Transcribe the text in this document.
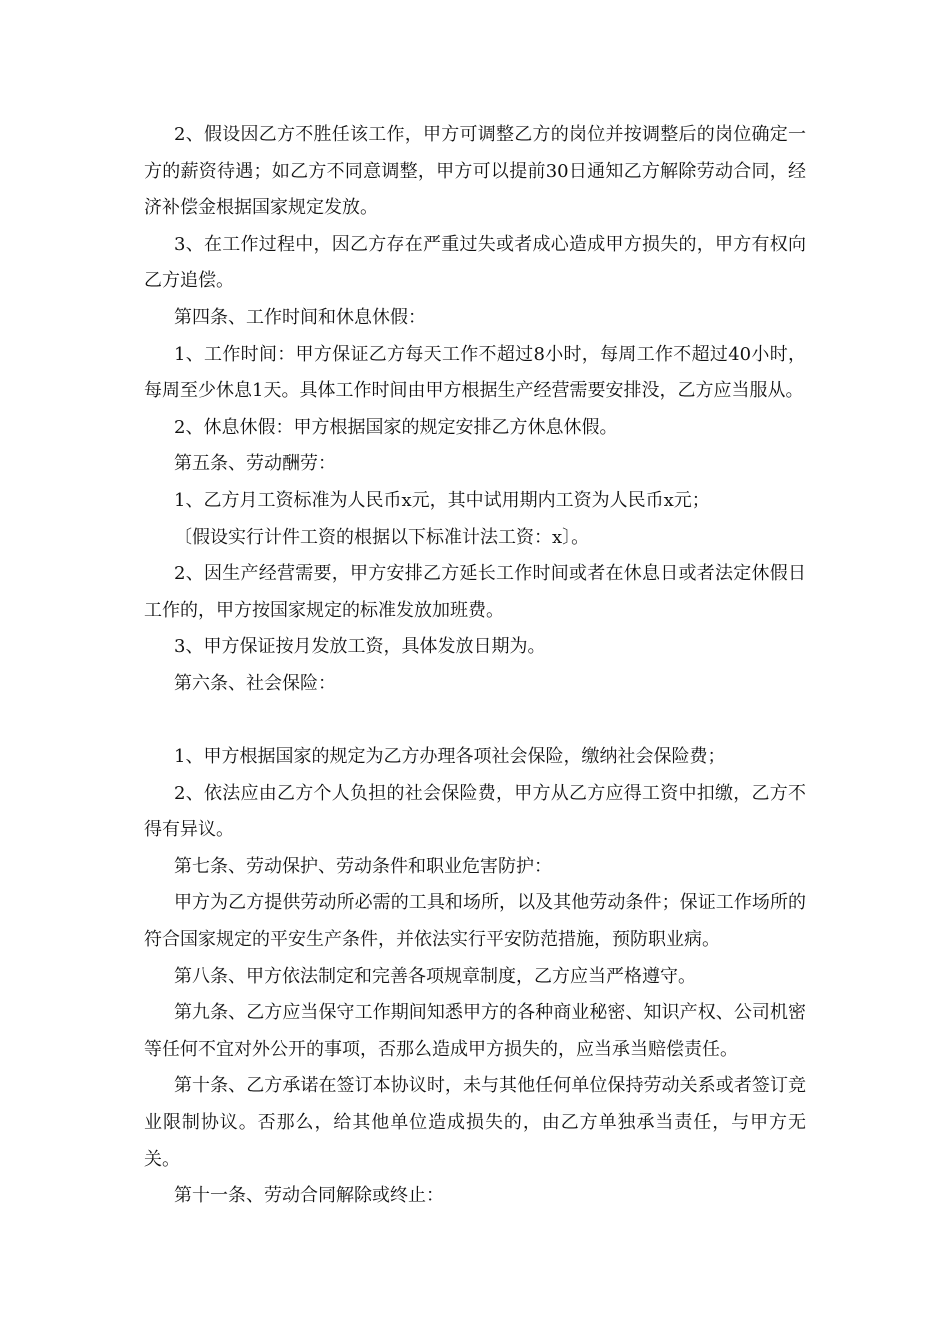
2、假设因乙方不胜任该工作，甲方可调整乙方的岗位并按调整后的岗位确定一方的薪资待遇；如乙方不同意调整，甲方可以提前30日通知乙方解除劳动合同，经济补偿金根据国家规定发放。

3、在工作过程中，因乙方存在严重过失或者成心造成甲方损失的，甲方有权向乙方追偿。

第四条、工作时间和休息休假：

1、工作时间：甲方保证乙方每天工作不超过8小时，每周工作不超过40小时，每周至少休息1天。具体工作时间由甲方根据生产经营需要安排没，乙方应当服从。

2、休息休假：甲方根据国家的规定安排乙方休息休假。

第五条、劳动酬劳：

1、乙方月工资标准为人民币x元，其中试用期内工资为人民币x元；

〔假设实行计件工资的根据以下标准计法工资：x〕。

2、因生产经营需要，甲方安排乙方延长工作时间或者在休息日或者法定休假日工作的，甲方按国家规定的标准发放加班费。

3、甲方保证按月发放工资，具体发放日期为。

第六条、社会保险：

1、甲方根据国家的规定为乙方办理各项社会保险，缴纳社会保险费；

2、依法应由乙方个人负担的社会保险费，甲方从乙方应得工资中扣缴，乙方不得有异议。

第七条、劳动保护、劳动条件和职业危害防护：

甲方为乙方提供劳动所必需的工具和场所，以及其他劳动条件；保证工作场所的符合国家规定的平安生产条件，并依法实行平安防范措施，预防职业病。

第八条、甲方依法制定和完善各项规章制度，乙方应当严格遵守。

第九条、乙方应当保守工作期间知悉甲方的各种商业秘密、知识产权、公司机密等任何不宜对外公开的事项，否那么造成甲方损失的，应当承当赔偿责任。

第十条、乙方承诺在签订本协议时，未与其他任何单位保持劳动关系或者签订竞业限制协议。否那么，给其他单位造成损失的，由乙方单独承当责任，与甲方无关。

第十一条、劳动合同解除或终止：
